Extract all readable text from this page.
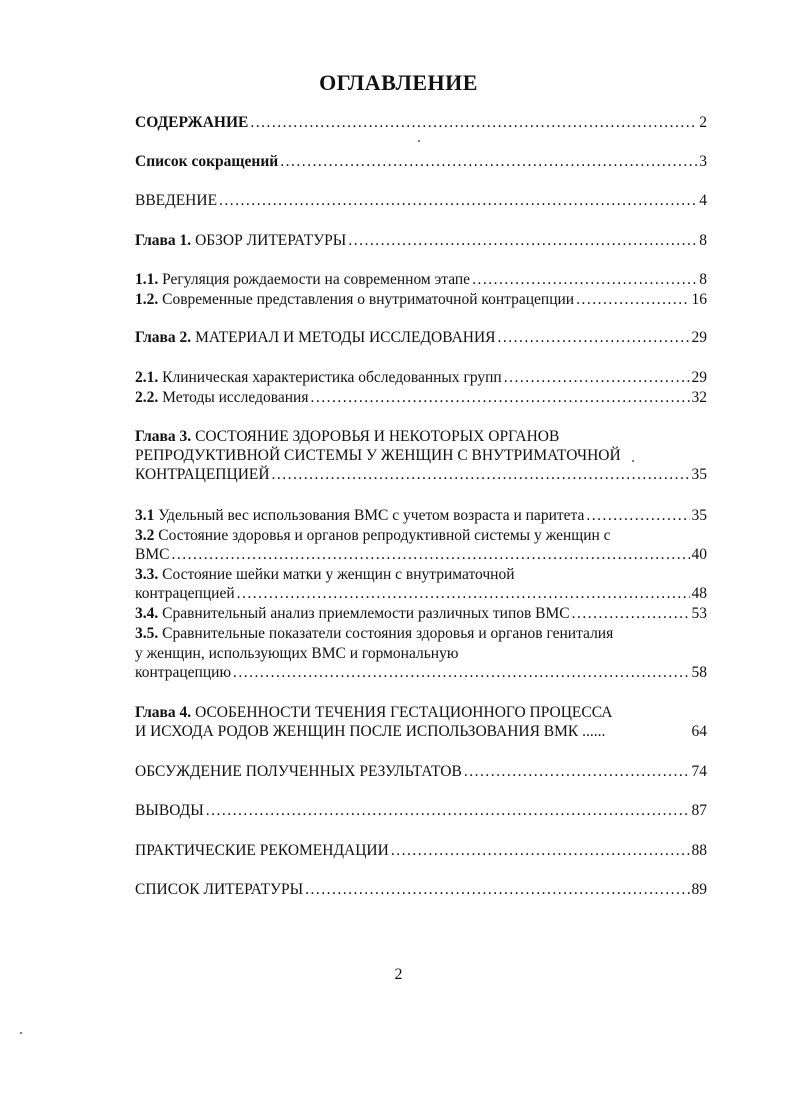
ОГЛАВЛЕНИЕ
СОДЕРЖАНИЕ .....	2
Список сокращений .....	3
ВВЕДЕНИЕ .....	4
Глава 1. ОБЗОР ЛИТЕРАТУРЫ .....	8
1.1. Регуляция рождаемости на современном этапе .....	8
1.2. Современные представления о внутриматочной контрацепции .....	16
Глава 2. МАТЕРИАЛ И МЕТОДЫ ИССЛЕДОВАНИЯ .....	29
2.1. Клиническая характеристика обследованных групп .....	29
2.2. Методы исследования .....	32
Глава 3. СОСТОЯНИЕ ЗДОРОВЬЯ И НЕКОТОРЫХ ОРГАНОВ
РЕПРОДУКТИВНОЙ СИСТЕМЫ У ЖЕНЩИН С ВНУТРИМАТОЧНОЙ
КОНТРАЦЕПЦИЕЙ .....	35
3.1 Удельный вес использования ВМС с учетом возраста и паритета .....	35
3.2 Состояние здоровья и органов репродуктивной системы у женщин с
ВМС .....	40
3.3. Состояние шейки матки у женщин с внутриматочной
контрацепцией .....	48
3.4. Сравнительный анализ приемлемости различных типов ВМС .....	53
3.5. Сравнительные показатели состояния здоровья и органов гениталия
у женщин, использующих ВМС и гормональную
контрацепцию .....	58
Глава 4. ОСОБЕННОСТИ ТЕЧЕНИЯ ГЕСТАЦИОННОГО ПРОЦЕССА
И ИСХОДА РОДОВ ЖЕНЩИН ПОСЛЕ ИСПОЛЬЗОВАНИЯ ВМК ......	64
ОБСУЖДЕНИЕ ПОЛУЧЕННЫХ РЕЗУЛЬТАТОВ .....	74
ВЫВОДЫ .....	87
ПРАКТИЧЕСКИЕ РЕКОМЕНДАЦИИ .....	88
СПИСОК ЛИТЕРАТУРЫ .....	89
2
